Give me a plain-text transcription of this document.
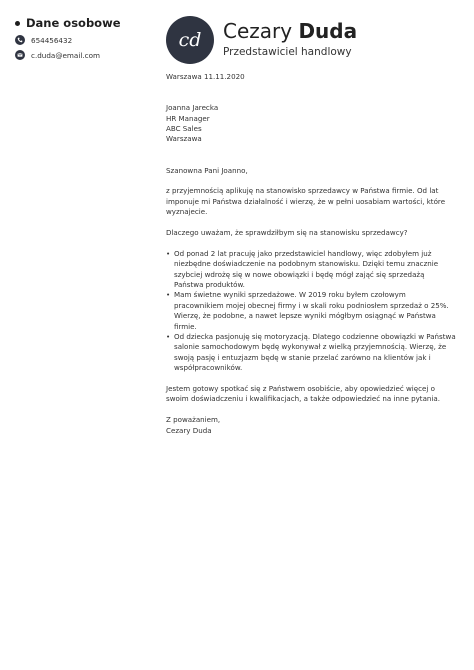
Dane osobowe
654456432
c.duda@email.com
cd	Cezary Duda
Przedstawiciel handlowy

Warszawa 11.11.2020

Joanna Jarecka

HR Manager

ABC Sales

Warszawa

Szanowna Pani Joanno,

z przyjemnością aplikuję na stanowisko sprzedawcy w Państwa firmie. Od lat imponuje mi Państwa działalność i wierzę, że w pełni uosabiam wartości, które wyznajecie.

Dlaczego uważam, że sprawdziłbym się na stanowisku sprzedawcy?

• Od ponad 2 lat pracuję jako przedstawiciel handlowy, więc zdobyłem już niezbędne doświadczenie na podobnym stanowisku. Dzięki temu znacznie szybciej wdrożę się w nowe obowiązki i będę mógł zająć się sprzedażą Państwa produktów.
• Mam świetne wyniki sprzedażowe. W 2019 roku byłem czołowym pracownikiem mojej obecnej firmy i w skali roku podniosłem sprzedaż o 25%. Wierzę, że podobne, a nawet lepsze wyniki mógłbym osiągnąć w Państwa firmie.
• Od dziecka pasjonuję się motoryzacją. Dlatego codzienne obowiązki w Państwa salonie samochodowym będę wykonywał z wielką przyjemnością. Wierzę, że swoją pasję i entuzjazm będę w stanie przelać zarówno na klientów jak i współpracowników.

Jestem gotowy spotkać się z Państwem osobiście, aby opowiedzieć więcej o swoim doświadczeniu i kwalifikacjach, a także odpowiedzieć na inne pytania.

Z poważaniem,

Cezary Duda
